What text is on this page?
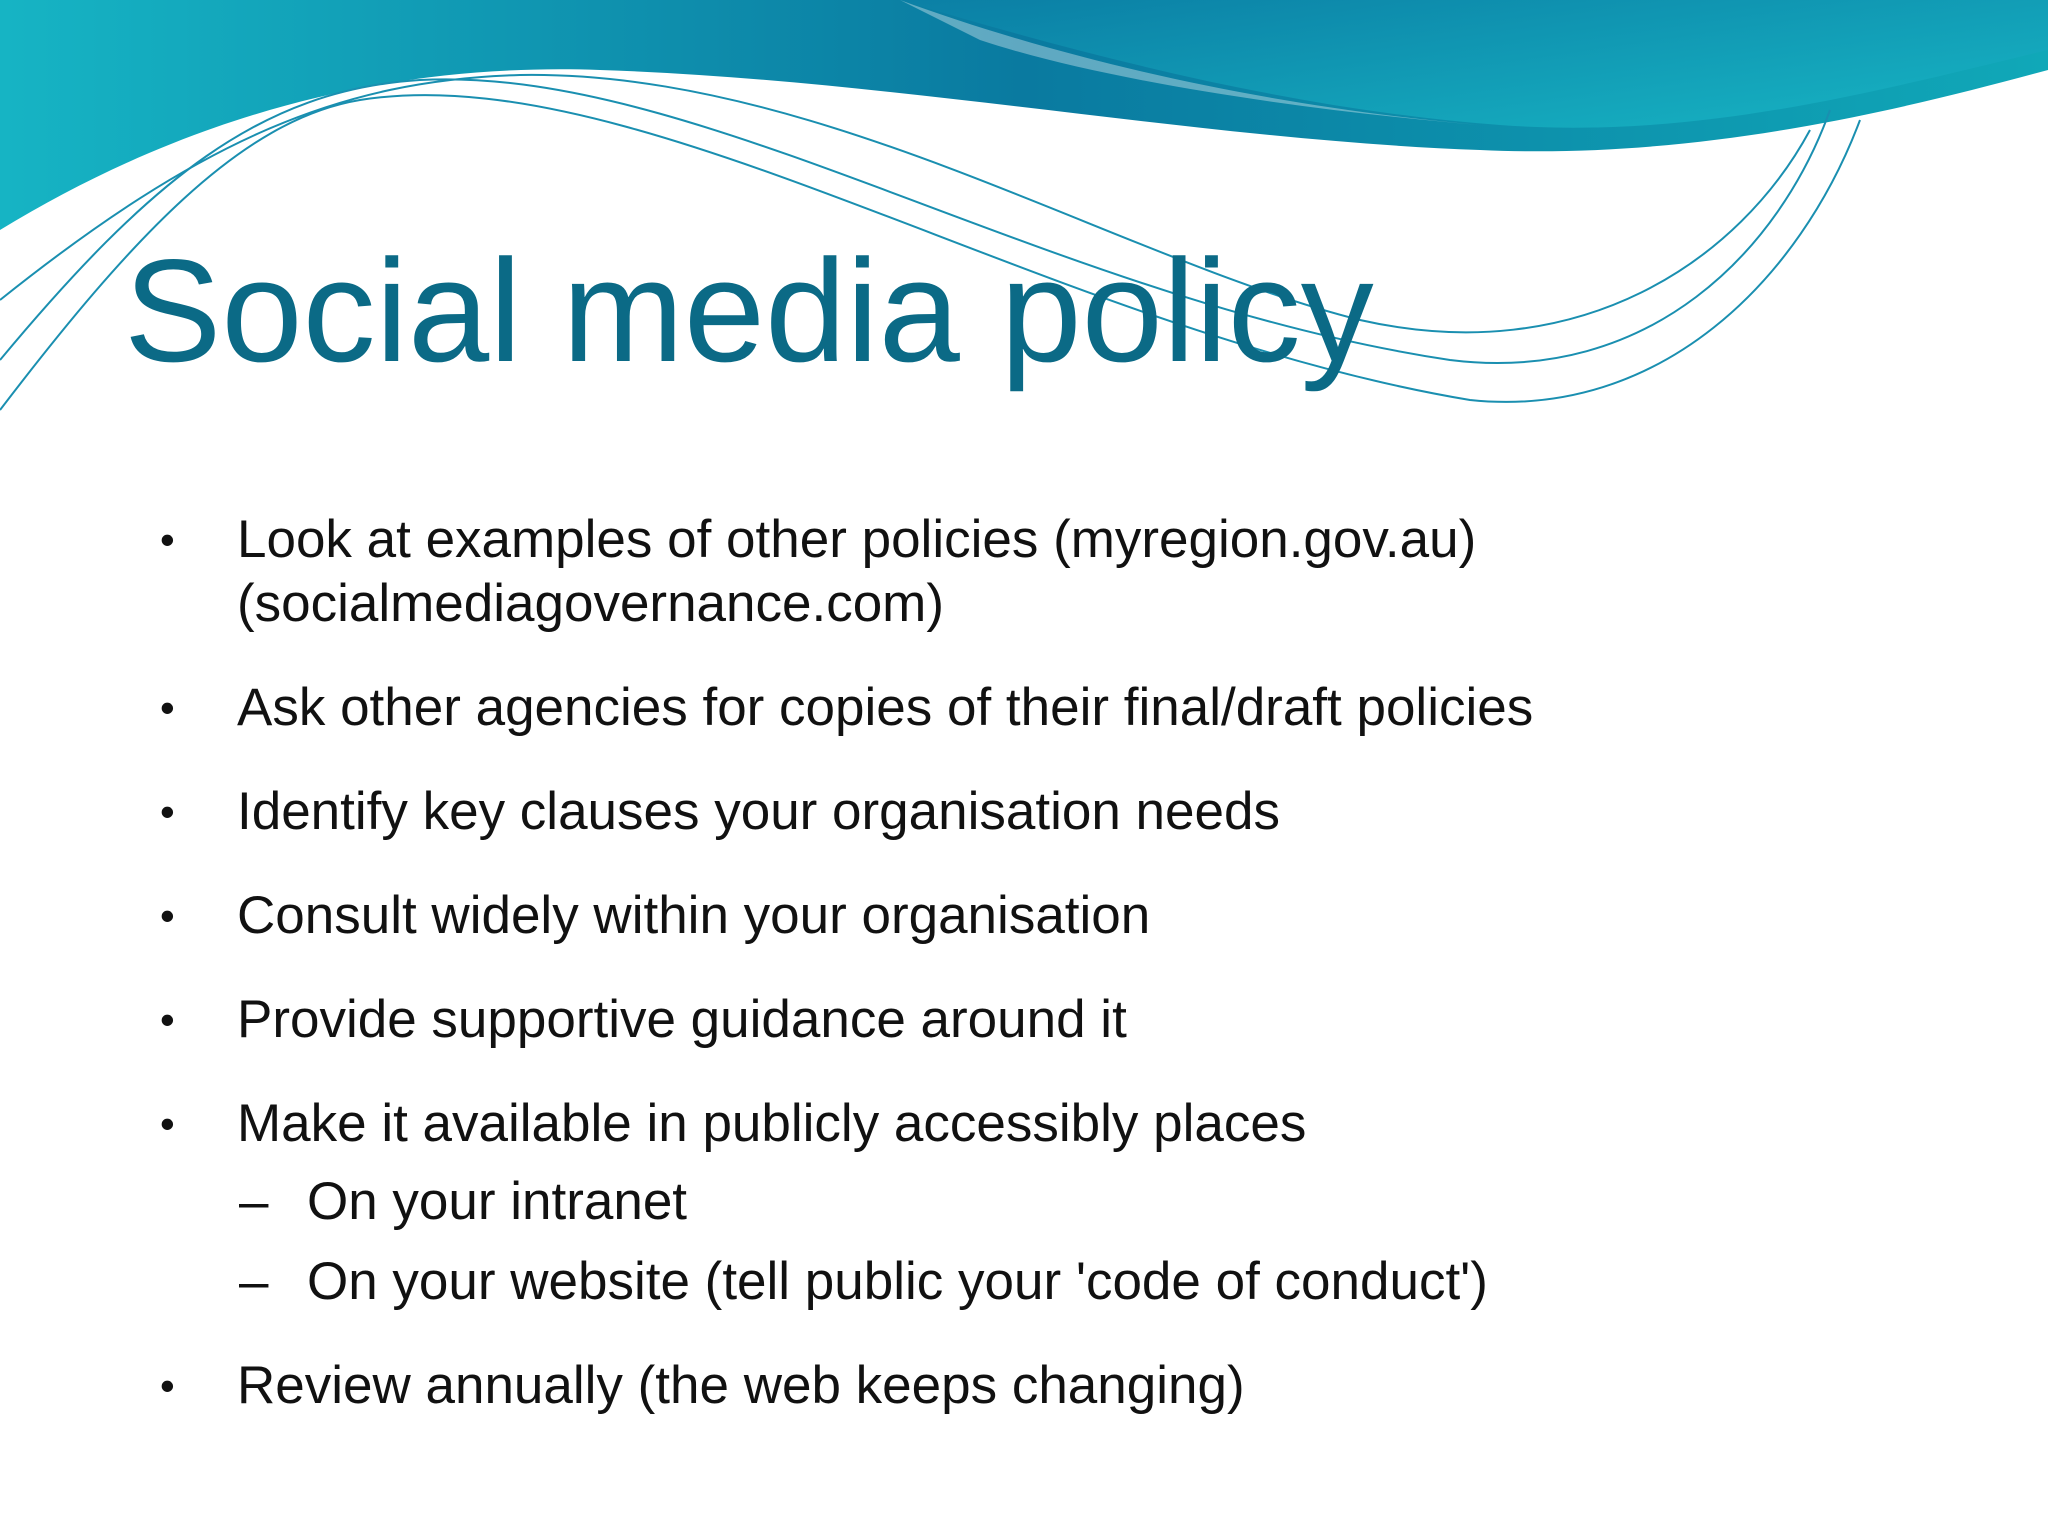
Social media policy
• Look at examples of other policies (myregion.gov.au)
(socialmediagovernance.com)
• Ask other agencies for copies of their final/draft policies
• Identify key clauses your organisation needs
• Consult widely within your organisation
• Provide supportive guidance around it
• Make it available in publicly accessibly places
– On your intranet
– On your website (tell public your 'code of conduct')
• Review annually (the web keeps changing)
